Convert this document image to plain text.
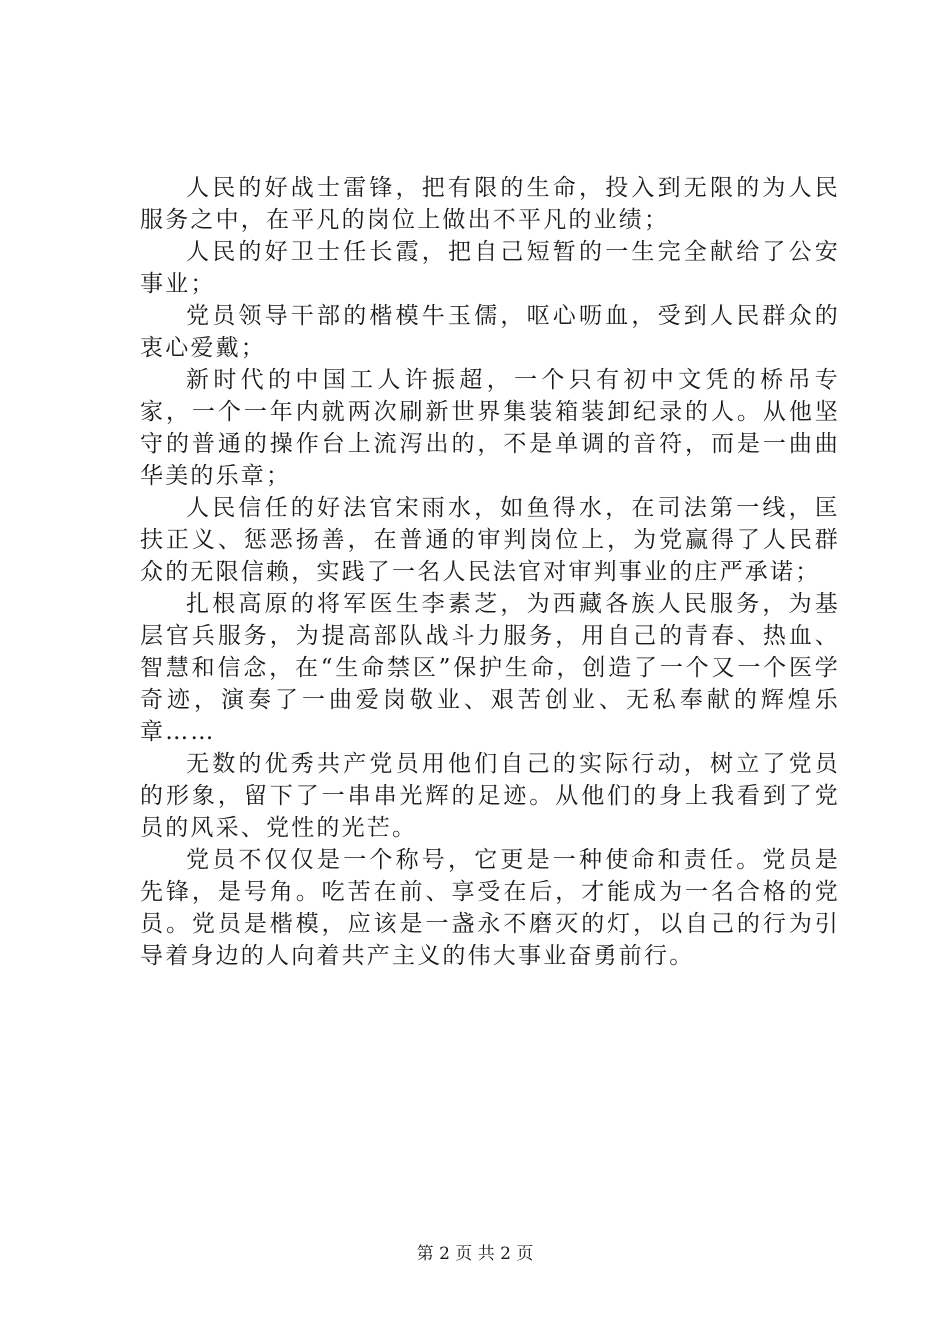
人民的好战士雷锋，把有限的生命，投入到无限的为人民服务之中，在平凡的岗位上做出不平凡的业绩；

人民的好卫士任长霞，把自己短暂的一生完全献给了公安事业；

党员领导干部的楷模牛玉儒，呕心呖血，受到人民群众的衷心爱戴；

新时代的中国工人许振超，一个只有初中文凭的桥吊专家，一个一年内就两次刷新世界集装箱装卸纪录的人。从他坚守的普通的操作台上流泻出的，不是单调的音符，而是一曲曲华美的乐章；

人民信任的好法官宋雨水，如鱼得水，在司法第一线，匡扶正义、惩恶扬善，在普通的审判岗位上，为党赢得了人民群众的无限信赖，实践了一名人民法官对审判事业的庄严承诺；

扎根高原的将军医生李素芝，为西藏各族人民服务，为基层官兵服务，为提高部队战斗力服务，用自己的青春、热血、智慧和信念，在“生命禁区”保护生命，创造了一个又一个医学奇迹，演奏了一曲爱岗敬业、艰苦创业、无私奉献的辉煌乐章……

无数的优秀共产党员用他们自己的实际行动，树立了党员的形象，留下了一串串光辉的足迹。从他们的身上我看到了党员的风采、党性的光芒。

党员不仅仅是一个称号，它更是一种使命和责任。党员是先锋，是号角。吃苦在前、享受在后，才能成为一名合格的党员。党员是楷模，应该是一盏永不磨灭的灯，以自己的行为引导着身边的人向着共产主义的伟大事业奋勇前行。

第 2 页 共 2 页
